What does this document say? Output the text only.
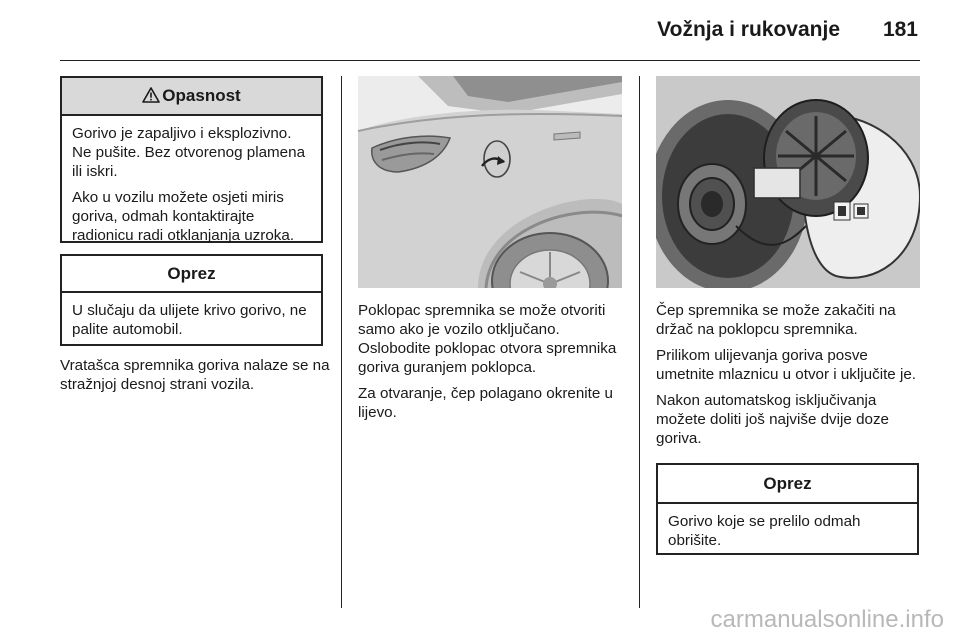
Vožnja i rukovanje 181
Opasnost

Gorivo je zapaljivo i eksplozivno. Ne pušite. Bez otvorenog plamena ili iskri.

Ako u vozilu možete osjeti miris goriva, odmah kontaktirajte radionicu radi otklanjanja uzroka.

Oprez

U slučaju da ulijete krivo gorivo, ne palite automobil.

Vratašca spremnika goriva nalaze se na stražnjoj desnoj strani vozila.

Poklopac spremnika se može otvoriti samo ako je vozilo otključano. Oslobodite poklopac otvora spremnika goriva guranjem poklopca.

Za otvaranje, čep polagano okrenite u lijevo.

Čep spremnika se može zakačiti na držač na poklopcu spremnika.

Prilikom ulijevanja goriva posve umetnite mlaznicu u otvor i uključite je.

Nakon automatskog isključivanja možete doliti još najviše dvije doze goriva.

Oprez

Gorivo koje se prelilo odmah obrišite.

carmanualsonline.info
